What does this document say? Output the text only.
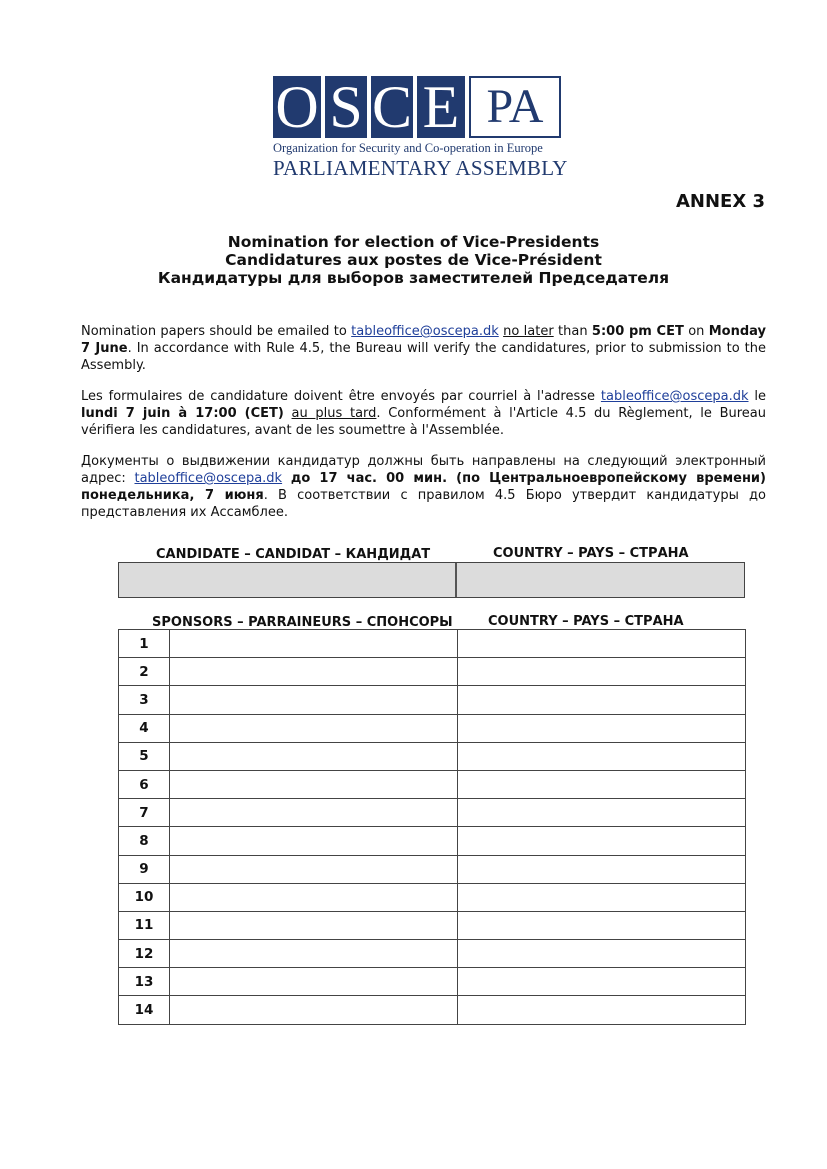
O S C E PA
Organization for Security and Co-operation in Europe
PARLIAMENTARY ASSEMBLY
ANNEX 3
Nomination for election of Vice-Presidents
Candidatures aux postes de Vice-Président
Кандидатуры для выборов заместителей Председателя
Nomination papers should be emailed to tableoffice@oscepa.dk no later than 5:00 pm CET on Monday 7 June. In accordance with Rule 4.5, the Bureau will verify the candidatures, prior to submission to the Assembly.
Les formulaires de candidature doivent être envoyés par courriel à l'adresse tableoffice@oscepa.dk le lundi 7 juin à 17:00 (CET) au plus tard. Conformément à l'Article 4.5 du Règlement, le Bureau vérifiera les candidatures, avant de les soumettre à l'Assemblée.
Документы о выдвижении кандидатур должны быть направлены на следующий электронный адрес: tableoffice@oscepa.dk до 17 час. 00 мин. (по Центральноевропейскому времени) понедельника, 7 июня. В соответствии с правилом 4.5 Бюро утвердит кандидатуры до представления их Ассамблее.
CANDIDATE – CANDIDAT – КАНДИДАТ	COUNTRY – PAYS – СТРАНА
SPONSORS – PARRAINEURS – СПОНСОРЫ	COUNTRY – PAYS – СТРАНА
1		
2		
3		
4		
5		
6		
7		
8		
9		
10		
11		
12		
13		
14		
